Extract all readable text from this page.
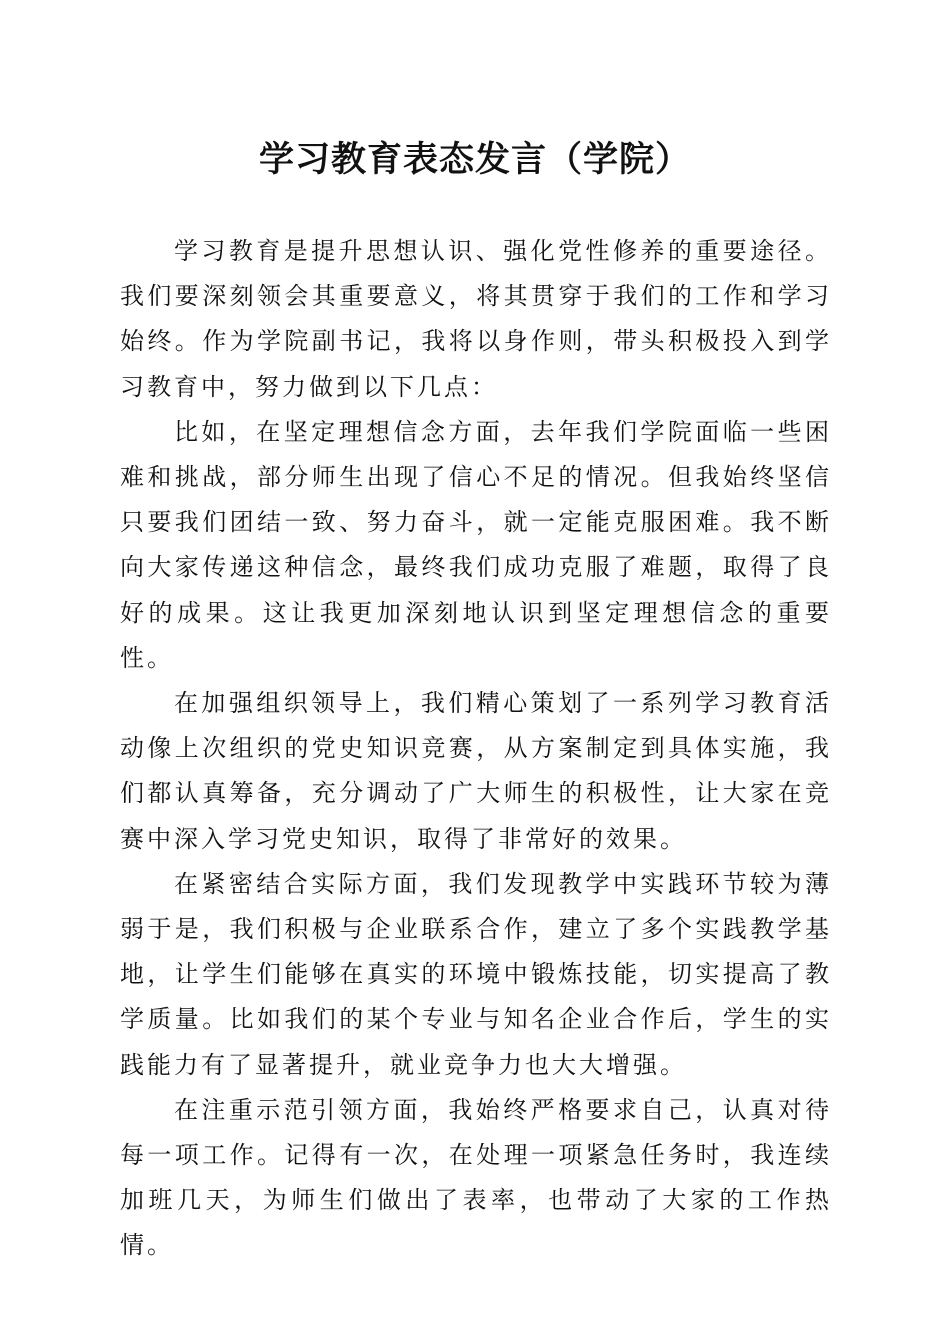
学习教育表态发言（学院）

学习教育是提升思想认识、强化党性修养的重要途径。我们要深刻领会其重要意义，将其贯穿于我们的工作和学习始终。作为学院副书记，我将以身作则，带头积极投入到学习教育中，努力做到以下几点：

比如，在坚定理想信念方面，去年我们学院面临一些困难和挑战，部分师生出现了信心不足的情况。但我始终坚信只要我们团结一致、努力奋斗，就一定能克服困难。我不断向大家传递这种信念，最终我们成功克服了难题，取得了良好的成果。这让我更加深刻地认识到坚定理想信念的重要性。

在加强组织领导上，我们精心策划了一系列学习教育活动像上次组织的党史知识竞赛，从方案制定到具体实施，我们都认真筹备，充分调动了广大师生的积极性，让大家在竞赛中深入学习党史知识，取得了非常好的效果。

在紧密结合实际方面，我们发现教学中实践环节较为薄弱于是，我们积极与企业联系合作，建立了多个实践教学基地，让学生们能够在真实的环境中锻炼技能，切实提高了教学质量。比如我们的某个专业与知名企业合作后，学生的实践能力有了显著提升，就业竞争力也大大增强。

在注重示范引领方面，我始终严格要求自己，认真对待每一项工作。记得有一次，在处理一项紧急任务时，我连续加班几天，为师生们做出了表率，也带动了大家的工作热情。
